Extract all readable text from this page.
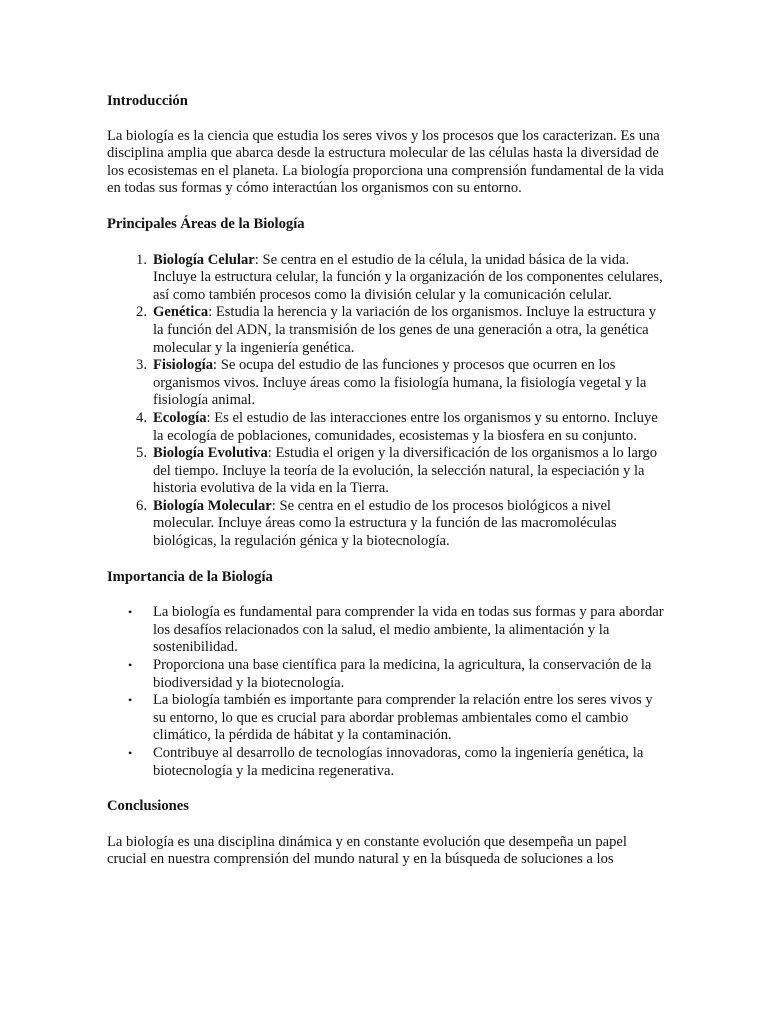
Introducción

La biología es la ciencia que estudia los seres vivos y los procesos que los caracterizan. Es una disciplina amplia que abarca desde la estructura molecular de las células hasta la diversidad de los ecosistemas en el planeta. La biología proporciona una comprensión fundamental de la vida en todas sus formas y cómo interactúan los organismos con su entorno.

Principales Áreas de la Biología
1. Biología Celular: Se centra en el estudio de la célula, la unidad básica de la vida. Incluye la estructura celular, la función y la organización de los componentes celulares, así como también procesos como la división celular y la comunicación celular.
2. Genética: Estudia la herencia y la variación de los organismos. Incluye la estructura y la función del ADN, la transmisión de los genes de una generación a otra, la genética molecular y la ingeniería genética.
3. Fisiología: Se ocupa del estudio de las funciones y procesos que ocurren en los organismos vivos. Incluye áreas como la fisiología humana, la fisiología vegetal y la fisiología animal.
4. Ecología: Es el estudio de las interacciones entre los organismos y su entorno. Incluye la ecología de poblaciones, comunidades, ecosistemas y la biosfera en su conjunto.
5. Biología Evolutiva: Estudia el origen y la diversificación de los organismos a lo largo del tiempo. Incluye la teoría de la evolución, la selección natural, la especiación y la historia evolutiva de la vida en la Tierra.
6. Biología Molecular: Se centra en el estudio de los procesos biológicos a nivel molecular. Incluye áreas como la estructura y la función de las macromoléculas biológicas, la regulación génica y la biotecnología.
Importancia de la Biología
• La biología es fundamental para comprender la vida en todas sus formas y para abordar los desafíos relacionados con la salud, el medio ambiente, la alimentación y la sostenibilidad.
• Proporciona una base científica para la medicina, la agricultura, la conservación de la biodiversidad y la biotecnología.
• La biología también es importante para comprender la relación entre los seres vivos y su entorno, lo que es crucial para abordar problemas ambientales como el cambio climático, la pérdida de hábitat y la contaminación.
• Contribuye al desarrollo de tecnologías innovadoras, como la ingeniería genética, la biotecnología y la medicina regenerativa.
Conclusiones

La biología es una disciplina dinámica y en constante evolución que desempeña un papel crucial en nuestra comprensión del mundo natural y en la búsqueda de soluciones a los
